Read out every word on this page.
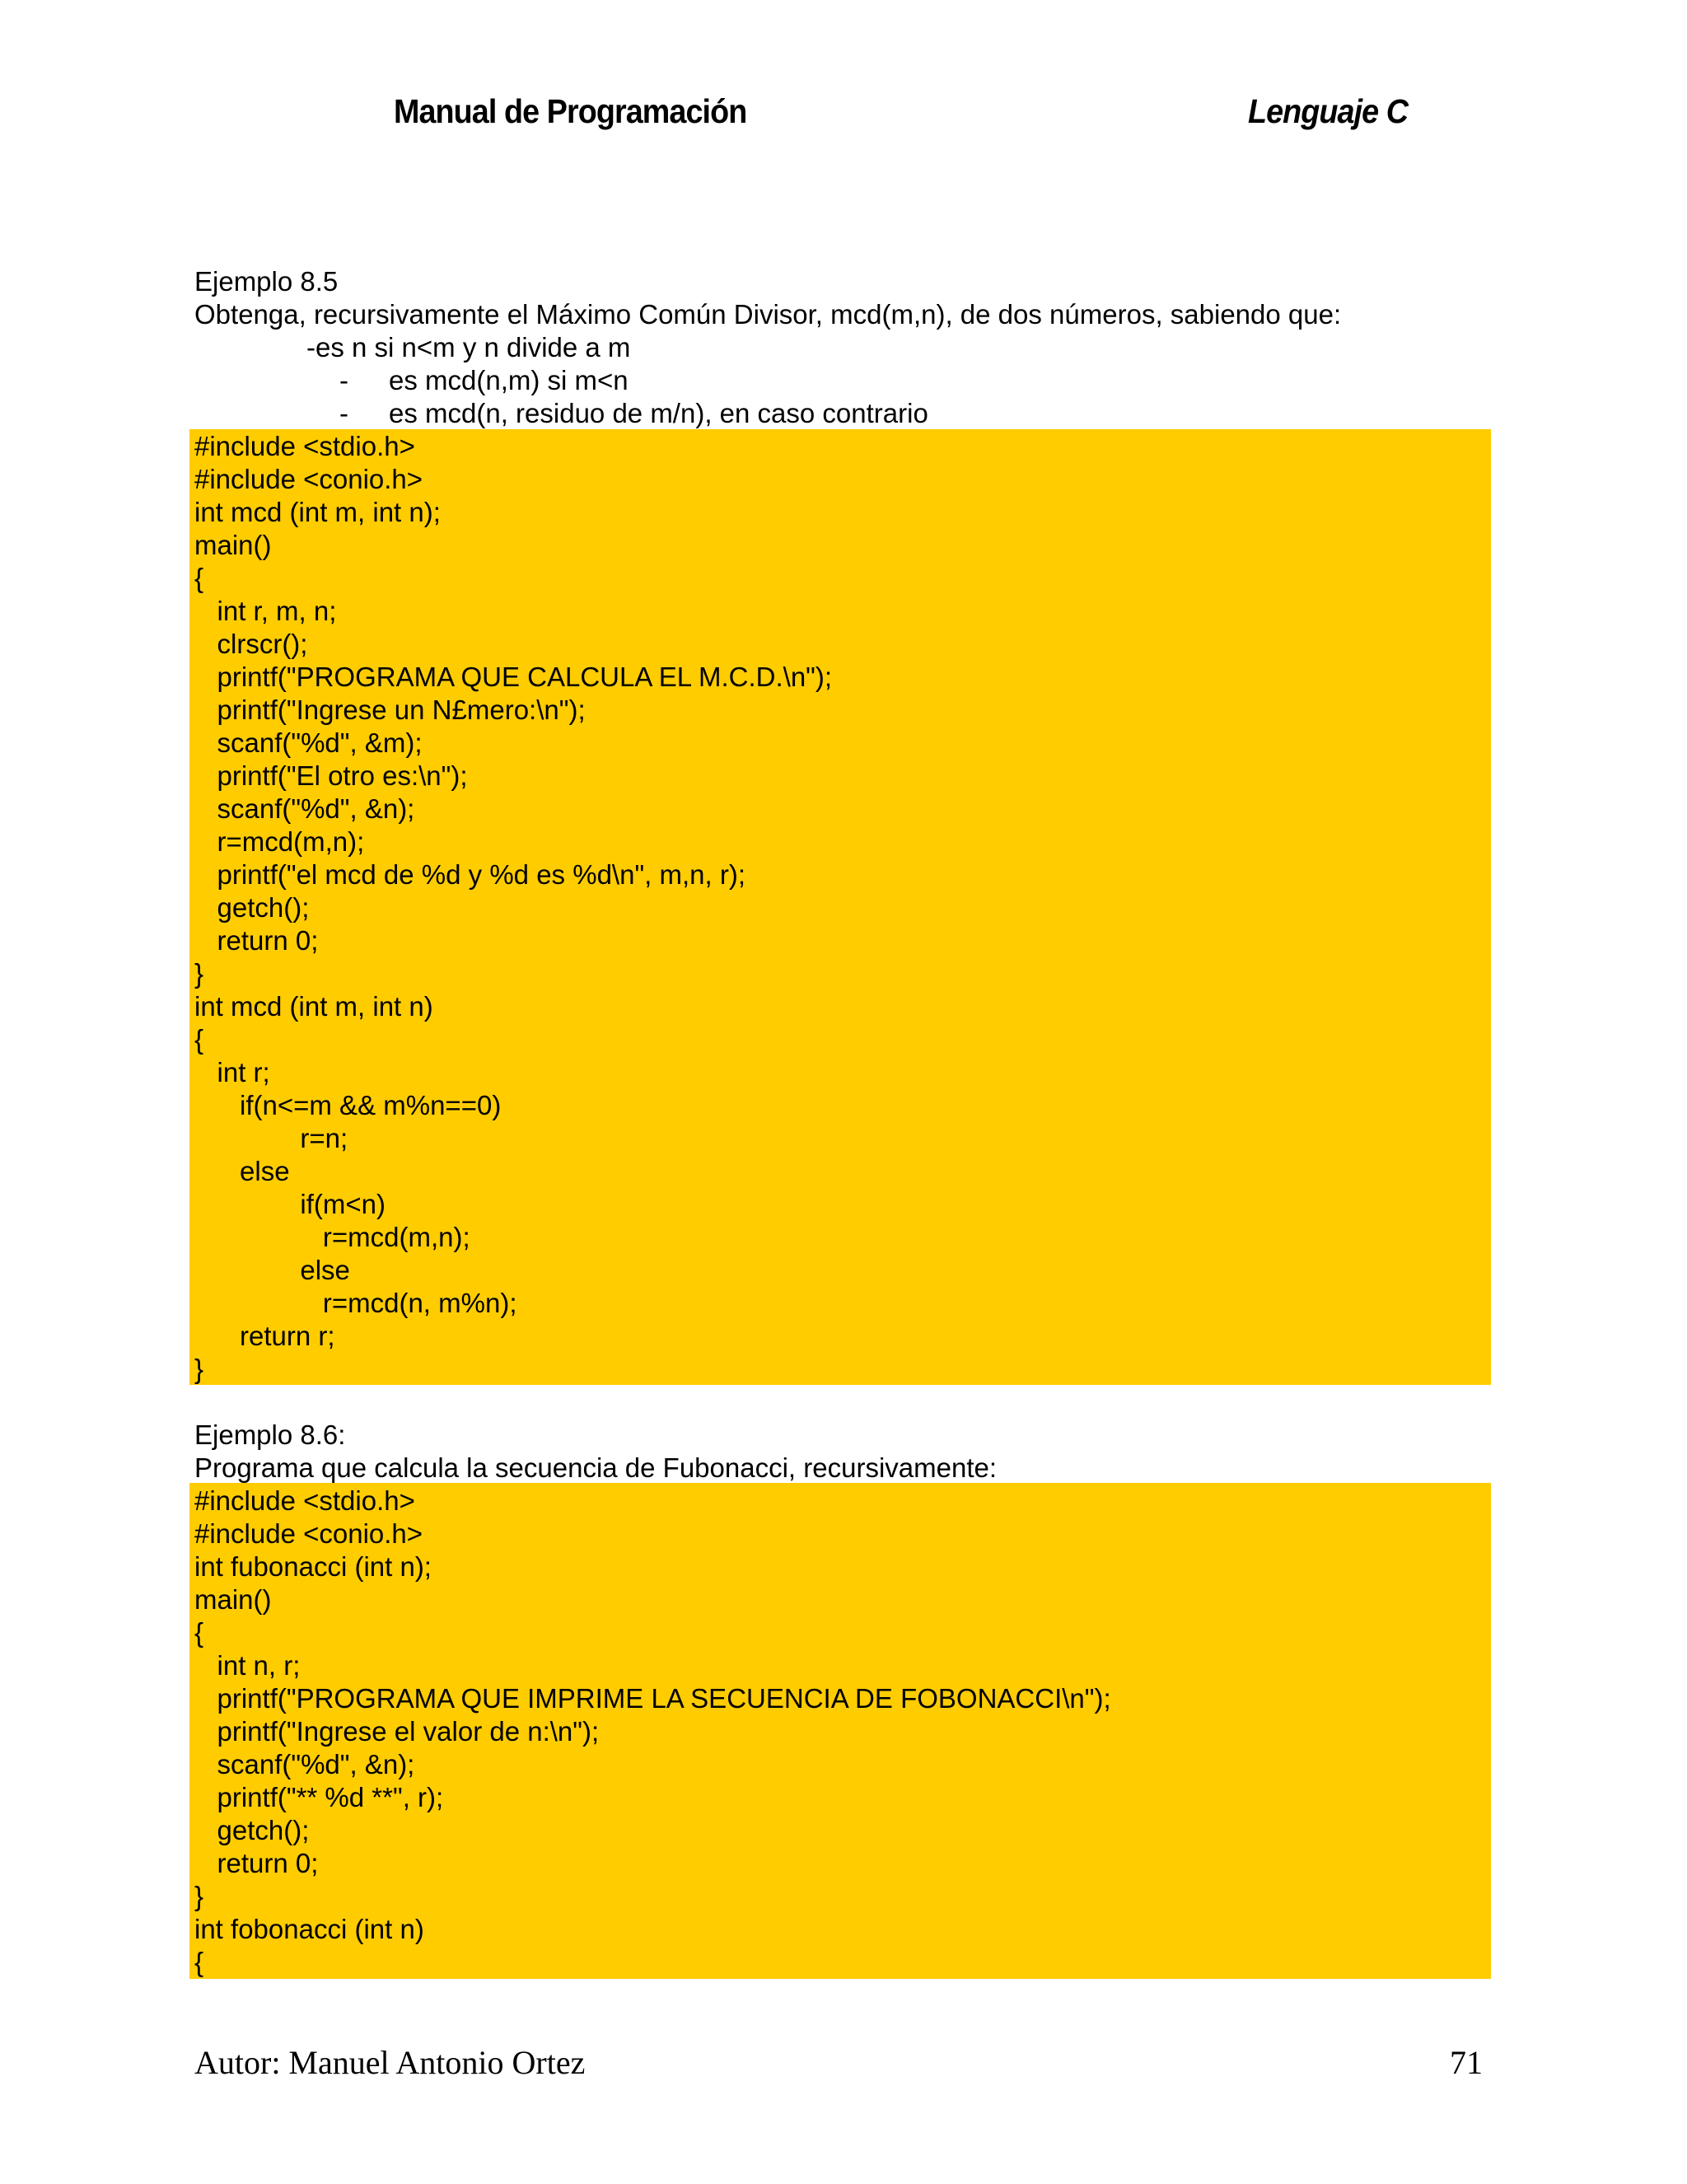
Manual de Programación	Lenguaje C
Ejemplo 8.5
Obtenga, recursivamente el Máximo Común Divisor, mcd(m,n), de dos números, sabiendo que:
-es n si n<m y n divide a m
- es mcd(n,m) si m<n
- es mcd(n, residuo de m/n), en caso contrario
#include <stdio.h>
#include <conio.h>
int mcd (int m, int n);
main()
{
int r, m, n;
clrscr();
printf("PROGRAMA QUE CALCULA EL M.C.D.\n");
printf("Ingrese un N£mero:\n");
scanf("%d", &m);
printf("El otro es:\n");
scanf("%d", &n);
r=mcd(m,n);
printf("el mcd de %d y %d es %d\n", m,n, r);
getch();
return 0;
}
int mcd (int m, int n)
{
int r;
if(n<=m && m%n==0)
r=n;
else
if(m<n)
r=mcd(m,n);
else
r=mcd(n, m%n);
return r;
}
Ejemplo 8.6:
Programa que calcula la secuencia de Fubonacci, recursivamente:
#include <stdio.h>
#include <conio.h>
int fubonacci (int n);
main()
{
int n, r;
printf("PROGRAMA QUE IMPRIME LA SECUENCIA DE FOBONACCI\n");
printf("Ingrese el valor de n:\n");
scanf("%d", &n);
printf("** %d **", r);
getch();
return 0;
}
int fobonacci (int n)
{
Autor: Manuel Antonio Ortez	71
